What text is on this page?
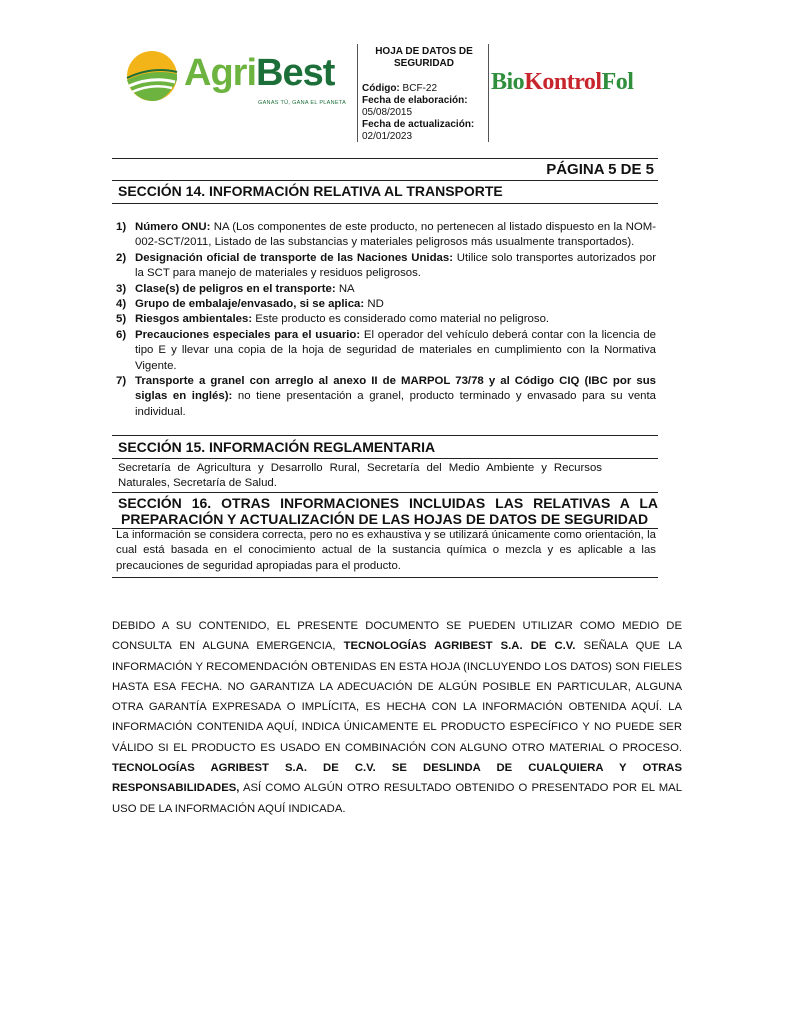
AgriBest
GANAS TÚ, GANA EL PLANETA
HOJA DE DATOS DE SEGURIDAD
Código: BCF-22
Fecha de elaboración:
05/08/2015
Fecha de actualización:
02/01/2023
BioKontrolFol
PÁGINA 5 DE 5
SECCIÓN 14. INFORMACIÓN RELATIVA AL TRANSPORTE
1) Número ONU: NA (Los componentes de este producto, no pertenecen al listado dispuesto en la NOM-002-SCT/2011, Listado de las substancias y materiales peligrosos más usualmente transportados).
2) Designación oficial de transporte de las Naciones Unidas: Utilice solo transportes autorizados por la SCT para manejo de materiales y residuos peligrosos.
3) Clase(s) de peligros en el transporte: NA
4) Grupo de embalaje/envasado, si se aplica: ND
5) Riesgos ambientales: Este producto es considerado como material no peligroso.
6) Precauciones especiales para el usuario: El operador del vehículo deberá contar con la licencia de tipo E y llevar una copia de la hoja de seguridad de materiales en cumplimiento con la Normativa Vigente.
7) Transporte a granel con arreglo al anexo II de MARPOL 73/78 y al Código CIQ (IBC por sus siglas en inglés): no tiene presentación a granel, producto terminado y envasado para su venta individual.
SECCIÓN 15. INFORMACIÓN REGLAMENTARIA
Secretaría de Agricultura y Desarrollo Rural, Secretaría del Medio Ambiente y Recursos Naturales, Secretaría de Salud.
SECCIÓN 16. OTRAS INFORMACIONES INCLUIDAS LAS RELATIVAS A LA
PREPARACIÓN Y ACTUALIZACIÓN DE LAS HOJAS DE DATOS DE SEGURIDAD
La información se considera correcta, pero no es exhaustiva y se utilizará únicamente como orientación, la cual está basada en el conocimiento actual de la sustancia química o mezcla y es aplicable a las precauciones de seguridad apropiadas para el producto.
DEBIDO A SU CONTENIDO, EL PRESENTE DOCUMENTO SE PUEDEN UTILIZAR COMO MEDIO DE CONSULTA EN ALGUNA EMERGENCIA, TECNOLOGÍAS AGRIBEST S.A. DE C.V. SEÑALA QUE LA INFORMACIÓN Y RECOMENDACIÓN OBTENIDAS EN ESTA HOJA (INCLUYENDO LOS DATOS) SON FIELES HASTA ESA FECHA. NO GARANTIZA LA ADECUACIÓN DE ALGÚN POSIBLE EN PARTICULAR, ALGUNA OTRA GARANTÍA EXPRESADA O IMPLÍCITA, ES HECHA CON LA INFORMACIÓN OBTENIDA AQUÍ. LA INFORMACIÓN CONTENIDA AQUÍ, INDICA ÚNICAMENTE EL PRODUCTO ESPECÍFICO Y NO PUEDE SER VÁLIDO SI EL PRODUCTO ES USADO EN COMBINACIÓN CON ALGUNO OTRO MATERIAL O PROCESO. TECNOLOGÍAS AGRIBEST S.A. DE C.V. SE DESLINDA DE CUALQUIERA Y OTRAS RESPONSABILIDADES, ASÍ COMO ALGÚN OTRO RESULTADO OBTENIDO O PRESENTADO POR EL MAL USO DE LA INFORMACIÓN AQUÍ INDICADA.
